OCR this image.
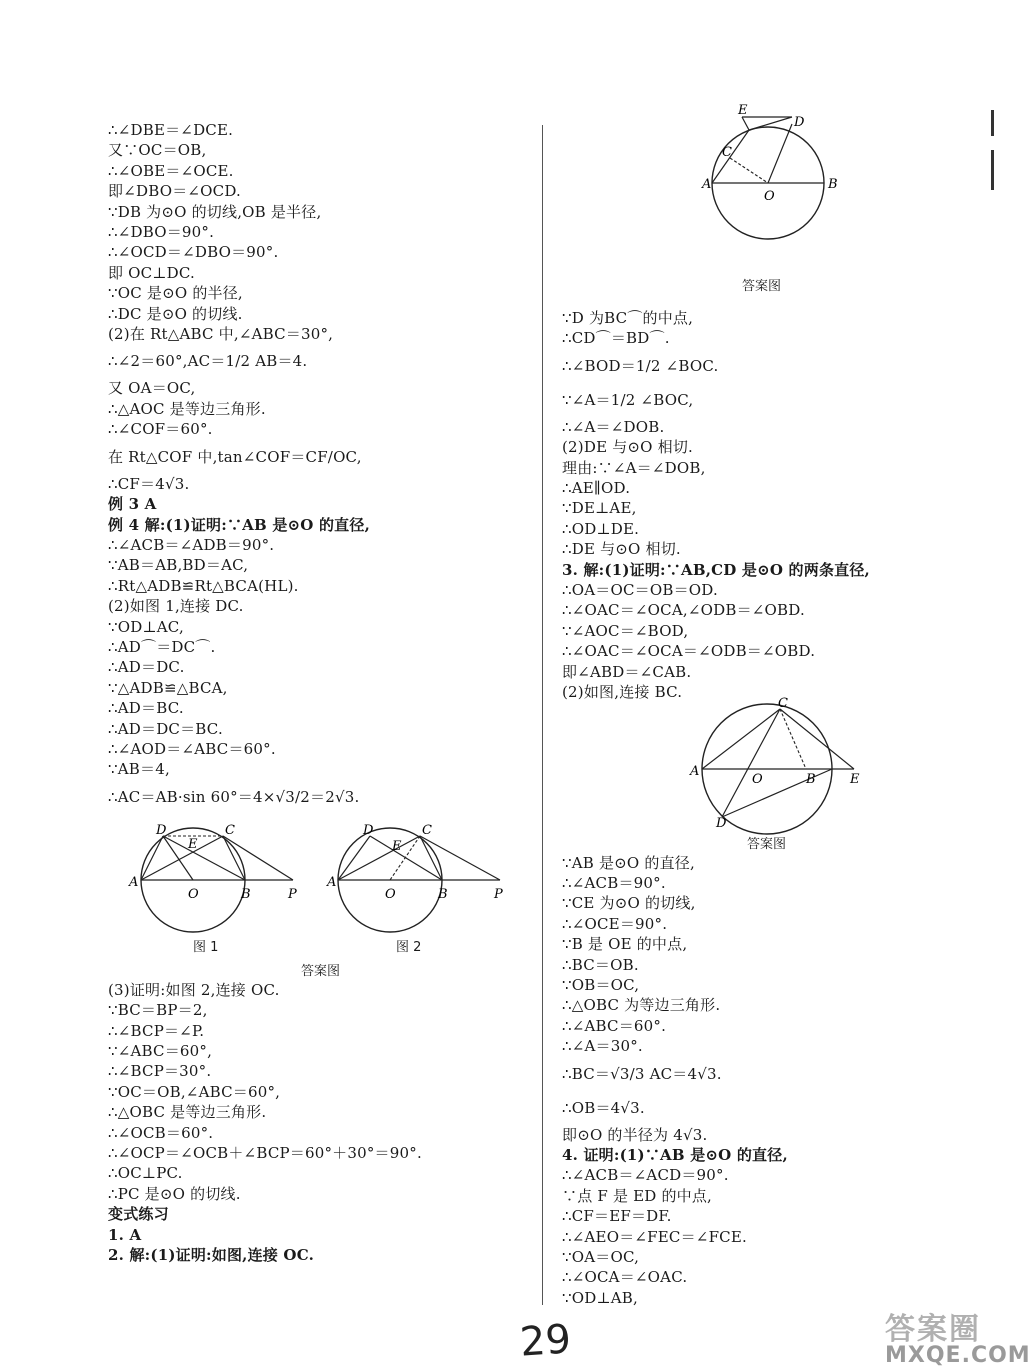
∴∠DBE＝∠DCE.
又∵OC＝OB,
∴∠OBE＝∠OCE.
即∠DBO＝∠OCD.
∵DB 为⊙O 的切线,OB 是半径,
∴∠DBO＝90°.
∴∠OCD＝∠DBO＝90°.
即 OC⊥DC.
∵OC 是⊙O 的半径,
∴DC 是⊙O 的切线.
(2)在 Rt△ABC 中,∠ABC＝30°,
∴∠2＝60°,AC＝1/2 AB＝4.
又 OA＝OC,
∴△AOC 是等边三角形.
∴∠COF＝60°.
在 Rt△COF 中,tan∠COF＝CF/OC,
∴CF＝4√3.
例 3 A
例 4 解:(1)证明:∵AB 是⊙O 的直径,
∴∠ACB＝∠ADB＝90°.
∵AB＝AB,BD＝AC,
∴Rt△ADB≌Rt△BCA(HL).
(2)如图 1,连接 DC.
∵OD⊥AC,
∴AD⌒＝DC⌒.
∴AD＝DC.
∵△ADB≌△BCA,
∴AD＝BC.
∴AD＝DC＝BC.
∴∠AOD＝∠ABC＝60°.
∵AB＝4,
∴AC＝AB·sin 60°＝4×√3/2＝2√3.
D	C
E
A
O	B	P
D	C
E
A
O	B	P
图 1	图 2
答案图
(3)证明:如图 2,连接 OC.
∵BC＝BP＝2,
∴∠BCP＝∠P.
∵∠ABC＝60°,
∴∠BCP＝30°.
∵OC＝OB,∠ABC＝60°,
∴△OBC 是等边三角形.
∴∠OCB＝60°.
∴∠OCP＝∠OCB＋∠BCP＝60°＋30°＝90°.
∴OC⊥PC.
∴PC 是⊙O 的切线.
变式练习
1. A
2. 解:(1)证明:如图,连接 OC.
E
C
D
A
O
B
答案图
∵D 为BC⌒的中点,
∴CD⌒＝BD⌒.
∴∠BOD＝1/2 ∠BOC.
∵∠A＝1/2 ∠BOC,
∴∠A＝∠DOB.
(2)DE 与⊙O 相切.
理由:∵∠A＝∠DOB,
∴AE∥OD.
∵DE⊥AE,
∴OD⊥DE.
∴DE 与⊙O 相切.
3. 解:(1)证明:∵AB,CD 是⊙O 的两条直径,
∴OA＝OC＝OB＝OD.
∴∠OAC＝∠OCA,∠ODB＝∠OBD.
∵∠AOC＝∠BOD,
∴∠OAC＝∠OCA＝∠ODB＝∠OBD.
即∠ABD＝∠CAB.
(2)如图,连接 BC.
C
A
O	B	E
D
答案图
∵AB 是⊙O 的直径,
∴∠ACB＝90°.
∵CE 为⊙O 的切线,
∴∠OCE＝90°.
∵B 是 OE 的中点,
∴BC＝OB.
∵OB＝OC,
∴△OBC 为等边三角形.
∴∠ABC＝60°.
∴∠A＝30°.
∴BC＝√3/3 AC＝4√3.
∴OB＝4√3.
即⊙O 的半径为 4√3.
4. 证明:(1)∵AB 是⊙O 的直径,
∴∠ACB＝∠ACD＝90°.
∵点 F 是 ED 的中点,
∴CF＝EF＝DF.
∴∠AEO＝∠FEC＝∠FCE.
∵OA＝OC,
∴∠OCA＝∠OAC.
∵OD⊥AB,
29	答案圈
MXQE.COM
